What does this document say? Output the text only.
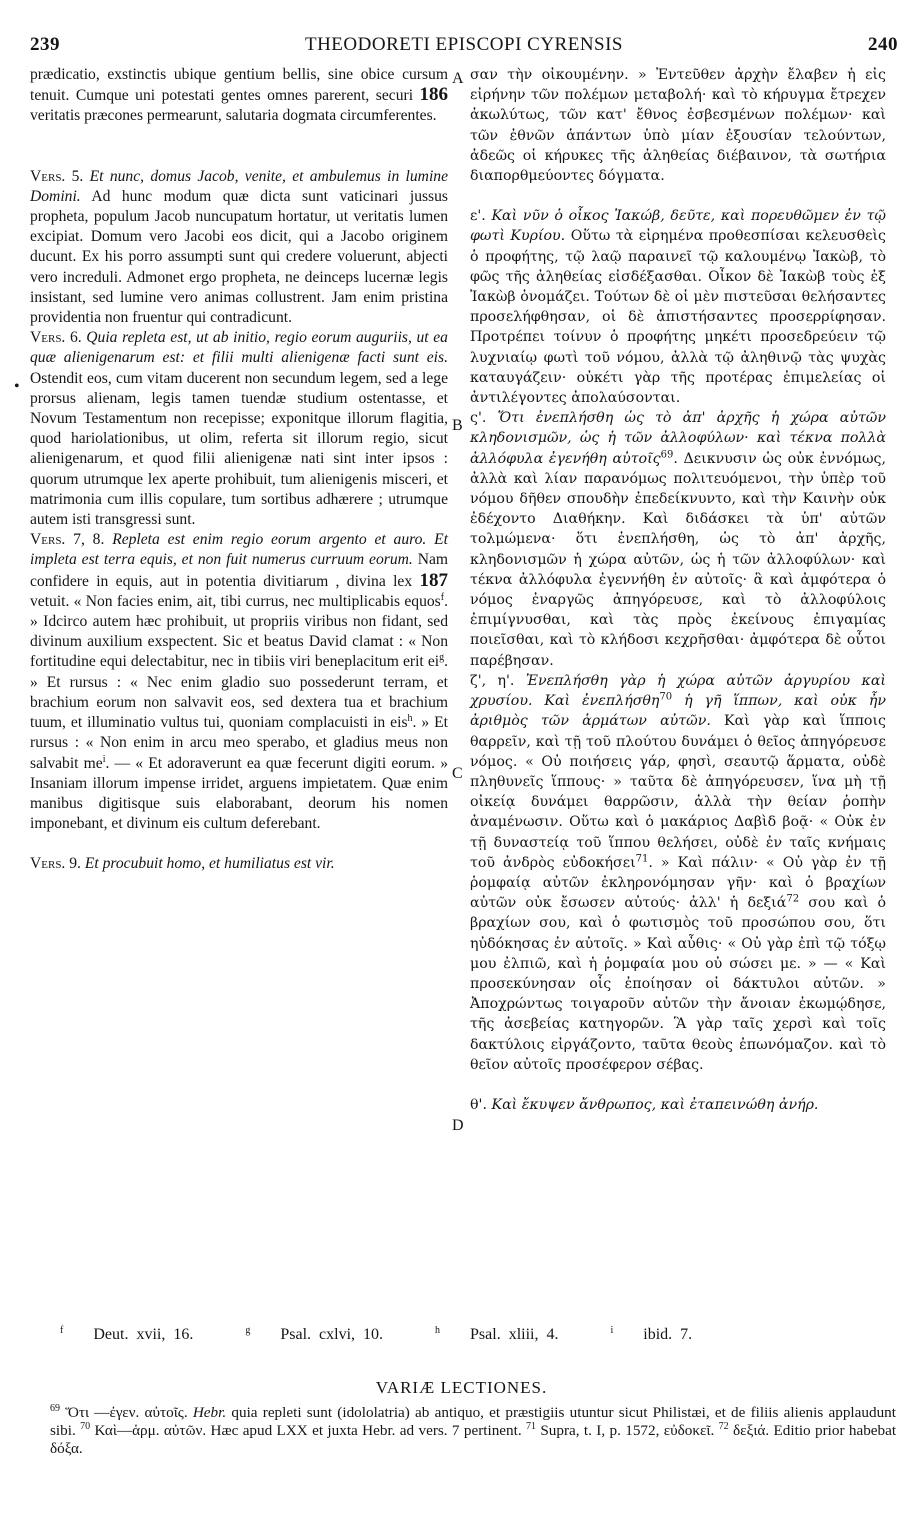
239	THEODORETI EPISCOPI CYRENSIS	240
A
B
C
D
•

prædicatio, exstinctis ubique gentium bellis, sine obice cursum tenuit. Cumque uni potestati gentes omnes parerent, securi 186 veritatis præcones permearunt, salutaria dogmata circumferentes.

Vers. 5. Et nunc, domus Jacob, venite, et ambulemus in lumine Domini. Ad hunc modum quæ dicta sunt vaticinari jussus propheta, populum Jacob nuncupatum hortatur, ut veritatis lumen excipiat. Domum vero Jacobi eos dicit, qui a Jacobo originem ducunt. Ex his porro assumpti sunt qui credere voluerunt, abjecti vero increduli. Admonet ergo propheta, ne deinceps lucernæ legis insistant, sed lumine vero animas collustrent. Jam enim pristina providentia non fruentur qui contradicunt.

Vers. 6. Quia repleta est, ut ab initio, regio eorum auguriis, ut ea quæ alienigenarum est: et filii multi alienigenæ facti sunt eis. Ostendit eos, cum vitam ducerent non secundum legem, sed a lege prorsus alienam, legis tamen tuendæ studium ostentasse, et Novum Testamentum non recepisse; exponitque illorum flagitia, quod hariolationibus, ut olim, referta sit illorum regio, sicut alienigenarum, et quod filii alienigenæ nati sint inter ipsos : quorum utrumque lex aperte prohibuit, tum alienigenis misceri, et matrimonia cum illis copulare, tum sortibus adhærere ; utrumque autem isti transgressi sunt.

Vers. 7, 8. Repleta est enim regio eorum argento et auro. Et impleta est terra equis, et non fuit numerus curruum eorum. Nam confidere in equis, aut in potentia divitiarum , divina lex 187 vetuit. « Non facies enim, ait, tibi currus, nec multiplicabis equos$^f$. » Idcirco autem hæc prohibuit, ut propriis viribus non fidant, sed divinum auxilium exspectent. Sic et beatus David clamat : « Non fortitudine equi delectabitur, nec in tibiis viri beneplacitum erit $ei^g$. » Et rursus : « Nec enim gladio suo possederunt terram, et brachium eorum non salvavit eos, sed dextera tua et brachium tuum, et illuminatio vultus tui, quoniam complacuisti in eis$^h$. » Et rursus : « Non enim in arcu meo sperabo, et gladius meus non salvabit $me^i$. — « Et adoraverunt ea quæ fecerunt digiti eorum. » Insaniam illorum impense irridet, arguens impietatem. Quæ enim manibus digitisque suis elaborabant, deorum his nomen imponebant, et divinum eis cultum deferebant.

Vers. 9. Et procubuit homo, et humiliatus est vir.

σαν τὴν οἰκουμένην. » Ἐντεῦθεν ἀρχὴν ἔλαβεν ἡ εἰς εἰρήνην τῶν πολέμων μεταβολή· καὶ τὸ κήρυγμα ἔτρεχεν ἀκωλύτως, τῶν κατ' ἔθνος ἐσβεσμένων πολέμων· καὶ τῶν ἐθνῶν ἁπάντων ὑπὸ μίαν ἐξουσίαν τελούντων, ἀδεῶς οἱ κήρυκες τῆς ἀληθείας διέβαινον, τὰ σωτήρια διαπορθμεύοντες δόγματα.

ε'. Καὶ νῦν ὁ οἶκος Ἰακώβ, δεῦτε, καὶ πορευθῶμεν ἐν τῷ φωτὶ Κυρίου. Οὕτω τὰ εἰρημένα προθεσπίσαι κελευσθεὶς ὁ προφήτης, τῷ λαῷ παραινεῖ τῷ καλουμένῳ Ἰακὼβ, τὸ φῶς τῆς ἀληθείας εἰσδέξασθαι. Οἶκον δὲ Ἰακὼβ τοὺς ἐξ Ἰακὼβ ὀνομάζει. Τούτων δὲ οἱ μὲν πιστεῦσαι θελήσαντες προσελήφθησαν, οἱ δὲ ἀπιστήσαντες προσερρίφησαν. Προτρέπει τοίνυν ὁ προφήτης μηκέτι προσεδρεύειν τῷ λυχνιαίῳ φωτὶ τοῦ νόμου, ἀλλὰ τῷ ἀληθινῷ τὰς ψυχὰς καταυγάζειν· οὐκέτι γὰρ τῆς προτέρας ἐπιμελείας οἱ ἀντιλέγοντες ἀπολαύσονται.

ς'. Ὅτι ἐνεπλήσθη ὡς τὸ ἀπ' ἀρχῆς ἡ χώρα αὐτῶν κληδονισμῶν, ὡς ἡ τῶν ἀλλοφύλων· καὶ τέκνα πολλὰ ἀλλόφυλα ἐγενήθη αὐτοῖς$^{69}$. Δεικνυσιν ὡς οὐκ ἐννόμως, ἀλλὰ καὶ λίαν παρανόμως πολιτευόμενοι, τὴν ὑπὲρ τοῦ νόμου δῆθεν σπουδὴν ἐπεδείκνυντο, καὶ τὴν Καινὴν οὐκ ἐδέχοντο Διαθήκην. Καὶ διδάσκει τὰ ὑπ' αὐτῶν τολμώμενα· ὅτι ἐνεπλήσθη, ὡς τὸ ἀπ' ἀρχῆς, κληδονισμῶν ἡ χώρα αὐτῶν, ὡς ἡ τῶν ἀλλοφύλων· καὶ τέκνα ἀλλόφυλα ἐγεννήθη ἐν αὐτοῖς· ἃ καὶ ἀμφότερα ὁ νόμος ἐναργῶς ἀπηγόρευσε, καὶ τὸ ἀλλοφύλοις ἐπιμίγνυσθαι, καὶ τὰς πρὸς ἐκείνους ἐπιγαμίας ποιεῖσθαι, καὶ τὸ κλήδοσι κεχρῆσθαι· ἀμφότερα δὲ οὗτοι παρέβησαν.

ζ', η'. Ἐνεπλήσθη γὰρ ἡ χώρα αὐτῶν ἀργυρίου καὶ χρυσίου. Καὶ ἐνεπλήσθη$^{70}$ ἡ γῆ ἵππων, καὶ οὐκ ἦν ἀριθμὸς τῶν ἁρμάτων αὐτῶν. Καὶ γὰρ καὶ ἵπποις θαρρεῖν, καὶ τῇ τοῦ πλούτου δυνάμει ὁ θεῖος ἀπηγόρευσε νόμος. « Οὐ ποιήσεις γάρ, φησὶ, σεαυτῷ ἅρματα, οὐδὲ πληθυνεῖς ἵππους· » ταῦτα δὲ ἀπηγόρευσεν, ἵνα μὴ τῇ οἰκείᾳ δυνάμει θαρρῶσιν, ἀλλὰ τὴν θείαν ῥοπὴν ἀναμένωσιν. Οὕτω καὶ ὁ μακάριος Δαβὶδ βοᾷ· « Οὐκ ἐν τῇ δυναστείᾳ τοῦ ἵππου θελήσει, οὐδὲ ἐν ταῖς κνήμαις τοῦ ἀνδρὸς εὐδοκήσει$^{71}$. » Καὶ πάλιν· « Οὐ γὰρ ἐν τῇ ῥομφαίᾳ αὐτῶν ἐκληρονόμησαν γῆν· καὶ ὁ βραχίων αὐτῶν οὐκ ἔσωσεν αὐτούς· ἀλλ' ἡ δεξιά$^{72}$ σου καὶ ὁ βραχίων σου, καὶ ὁ φωτισμὸς τοῦ προσώπου σου, ὅτι ηὐδόκησας ἐν αὐτοῖς. » Καὶ αὖθις· « Οὐ γὰρ ἐπὶ τῷ τόξῳ μου ἐλπιῶ, καὶ ἡ ῥομφαία μου οὐ σώσει με. » — « Καὶ προσεκύνησαν οἷς ἐποίησαν οἱ δάκτυλοι αὐτῶν. » Ἀποχρώντως τοιγαροῦν αὐτῶν τὴν ἄνοιαν ἐκωμῴδησε, τῆς ἀσεβείας κατηγορῶν. Ἃ γὰρ ταῖς χερσὶ καὶ τοῖς δακτύλοις εἰργάζοντο, ταῦτα θεοὺς ἐπωνόμαζον. καὶ τὸ θεῖον αὐτοῖς προσέφερον σέβας.

θ'. Καὶ ἔκυψεν ἄνθρωπος, καὶ ἐταπεινώθη ἀνήρ.

$^f$ Deut. xvii, 16.	$^g$ Psal. cxlvi, 10.	$^h$ Psal. xliii, 4.	$^i$ ibid. 7.
VARIÆ LECTIONES.
$^{69}$ Ὅτι —ἐγεν. αὐτοῖς. Hebr. quia repleti sunt (idololatria) ab antiquo, et præstigiis utuntur sicut Philistæi, et de filiis alienis applaudunt sibi. $^{70}$ Καὶ—ἁρμ. αὐτῶν. Hæc apud LXX et juxta Hebr. ad vers. 7 pertinent. $^{71}$ Supra, t. I, p. 1572, εὐδοκεῖ. $^{72}$ δεξιά. Editio prior habebat δόξα.
